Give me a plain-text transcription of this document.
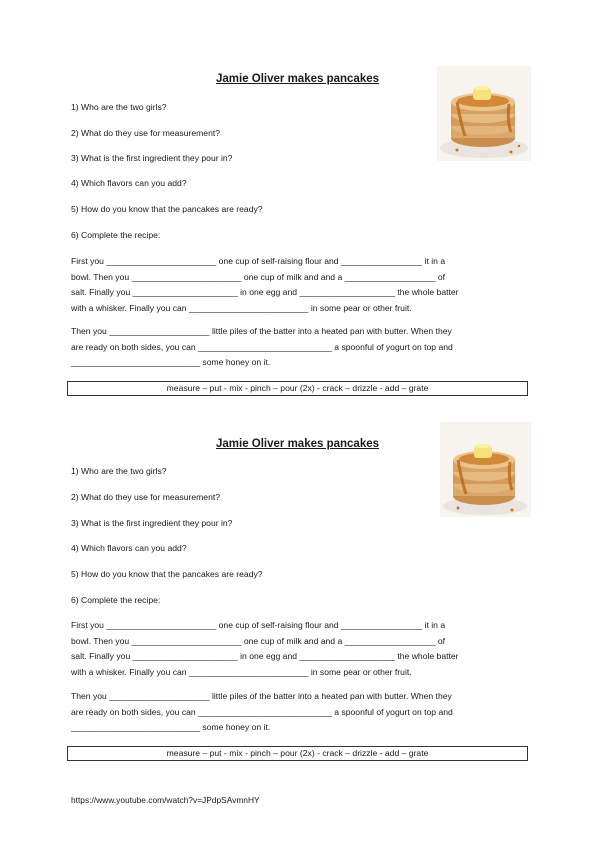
Jamie Oliver makes pancakes
1) Who are the two girls?
2) What do they use for measurement?
3) What is the first ingredient they pour in?
4) Which flavors can you add?
5) How do you know that the pancakes are ready?
6) Complete the recipe:
First you _______________________ one cup of self-raising flour and _________________ it in a
bowl. Then you _______________________ one cup of milk and and a ___________________ of
salt. Finally you ______________________ in one egg and ____________________ the whole batter
with a whisker. Finally you can _________________________ in some pear or other fruit.
Then you _____________________ little piles of the batter into a heated pan with butter. When they
are ready on both sides, you can ____________________________ a spoonful of yogurt on top and
___________________________ some honey on it.
measure – put - mix - pinch – pour (2x) - crack – drizzle - add – grate
Jamie Oliver makes pancakes
1) Who are the two girls?
2) What do they use for measurement?
3) What is the first ingredient they pour in?
4) Which flavors can you add?
5) How do you know that the pancakes are ready?
6) Complete the recipe:
First you _______________________ one cup of self-raising flour and _________________ it in a
bowl. Then you _______________________ one cup of milk and and a ___________________ of
salt. Finally you ______________________ in one egg and ____________________ the whole batter
with a whisker. Finally you can _________________________ in some pear or other fruit.
Then you _____________________ little piles of the batter into a heated pan with butter. When they
are ready on both sides, you can ____________________________ a spoonful of yogurt on top and
___________________________ some honey on it.
measure – put - mix - pinch – pour (2x) - crack – drizzle - add – grate
https://www.youtube.com/watch?v=JPdpSAvmnHY
